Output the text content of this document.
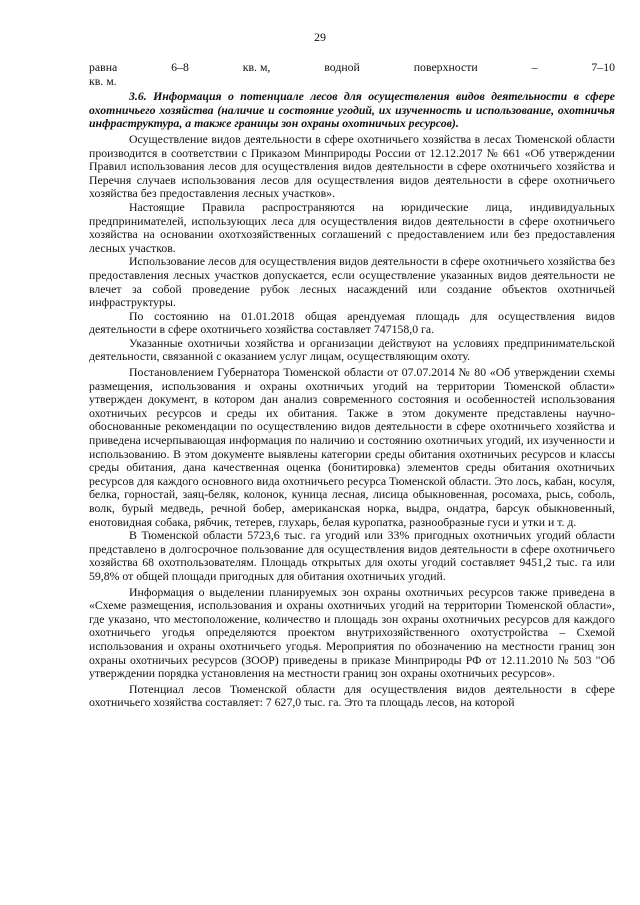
29
равна	6–8	кв. м,	водной	поверхности	–	7–10
кв. м.

3.6. Информация о потенциале лесов для осуществления видов деятельности в сфере охотничьего хозяйства (наличие и состояние угодий, их изученность и использование, охотничья инфраструктура, а также границы зон охраны охотничьих ресурсов).

Осуществление видов деятельности в сфере охотничьего хозяйства в лесах Тюменской области производится в соответствии с Приказом Минприроды России от 12.12.2017 № 661 «Об утверждении Правил использования лесов для осуществления видов деятельности в сфере охотничьего хозяйства и Перечня случаев использования лесов для осуществления видов деятельности в сфере охотничьего хозяйства без предоставления лесных участков».

Настоящие Правила распространяются на юридические лица, индивидуальных предпринимателей, использующих леса для осуществления видов деятельности в сфере охотничьего хозяйства на основании охотхозяйственных соглашений с предоставлением или без предоставления лесных участков.

Использование лесов для осуществления видов деятельности в сфере охотничьего хозяйства без предоставления лесных участков допускается, если осуществление указанных видов деятельности не влечет за собой проведение рубок лесных насаждений или создание объектов охотничьей инфраструктуры.

По состоянию на 01.01.2018 общая арендуемая площадь для осуществления видов деятельности в сфере охотничьего хозяйства составляет 747158,0 га.

Указанные охотничьи хозяйства и организации действуют на условиях предпринимательской деятельности, связанной с оказанием услуг лицам, осуществляющим охоту.

Постановлением Губернатора Тюменской области от 07.07.2014 № 80 «Об утверждении схемы размещения, использования и охраны охотничьих угодий на территории Тюменской области» утвержден документ, в котором дан анализ современного состояния и особенностей использования охотничьих ресурсов и среды их обитания. Также в этом документе представлены научно-обоснованные рекомендации по осуществлению видов деятельности в сфере охотничьего хозяйства и приведена исчерпывающая информация по наличию и состоянию охотничьих угодий, их изученности и использованию. В этом документе выявлены категории среды обитания охотничьих ресурсов и классы среды обитания, дана качественная оценка (бонитировка) элементов среды обитания охотничьих ресурсов для каждого основного вида охотничьего ресурса Тюменской области. Это лось, кабан, косуля, белка, горностай, заяц-беляк, колонок, куница лесная, лисица обыкновенная, росомаха, рысь, соболь, волк, бурый медведь, речной бобер, американская норка, выдра, ондатра, барсук обыкновенный, енотовидная собака, рябчик, тетерев, глухарь, белая куропатка, разнообразные гуси и утки и т. д.

В Тюменской области 5723,6 тыс. га угодий или 33% пригодных охотничьих угодий области представлено в долгосрочное пользование для осуществления видов деятельности в сфере охотничьего хозяйства 68 охотпользователям. Площадь открытых для охоты угодий составляет 9451,2 тыс. га или 59,8% от общей площади пригодных для обитания охотничьих угодий.

Информация о выделении планируемых зон охраны охотничьих ресурсов также приведена в «Схеме размещения, использования и охраны охотничьих угодий на территории Тюменской области», где указано, что местоположение, количество и площадь зон охраны охотничьих ресурсов для каждого охотничьего угодья определяются проектом внутрихозяйственного охотустройства – Схемой использования и охраны охотничьего угодья. Мероприятия по обозначению на местности границ зон охраны охотничьих ресурсов (ЗООР) приведены в приказе Минприроды РФ от 12.11.2010 № 503 "Об утверждении порядка установления на местности границ зон охраны охотничьих ресурсов».

Потенциал лесов Тюменской области для осуществления видов деятельности в сфере охотничьего хозяйства составляет: 7 627,0 тыс. га. Это та площадь лесов, на которой
